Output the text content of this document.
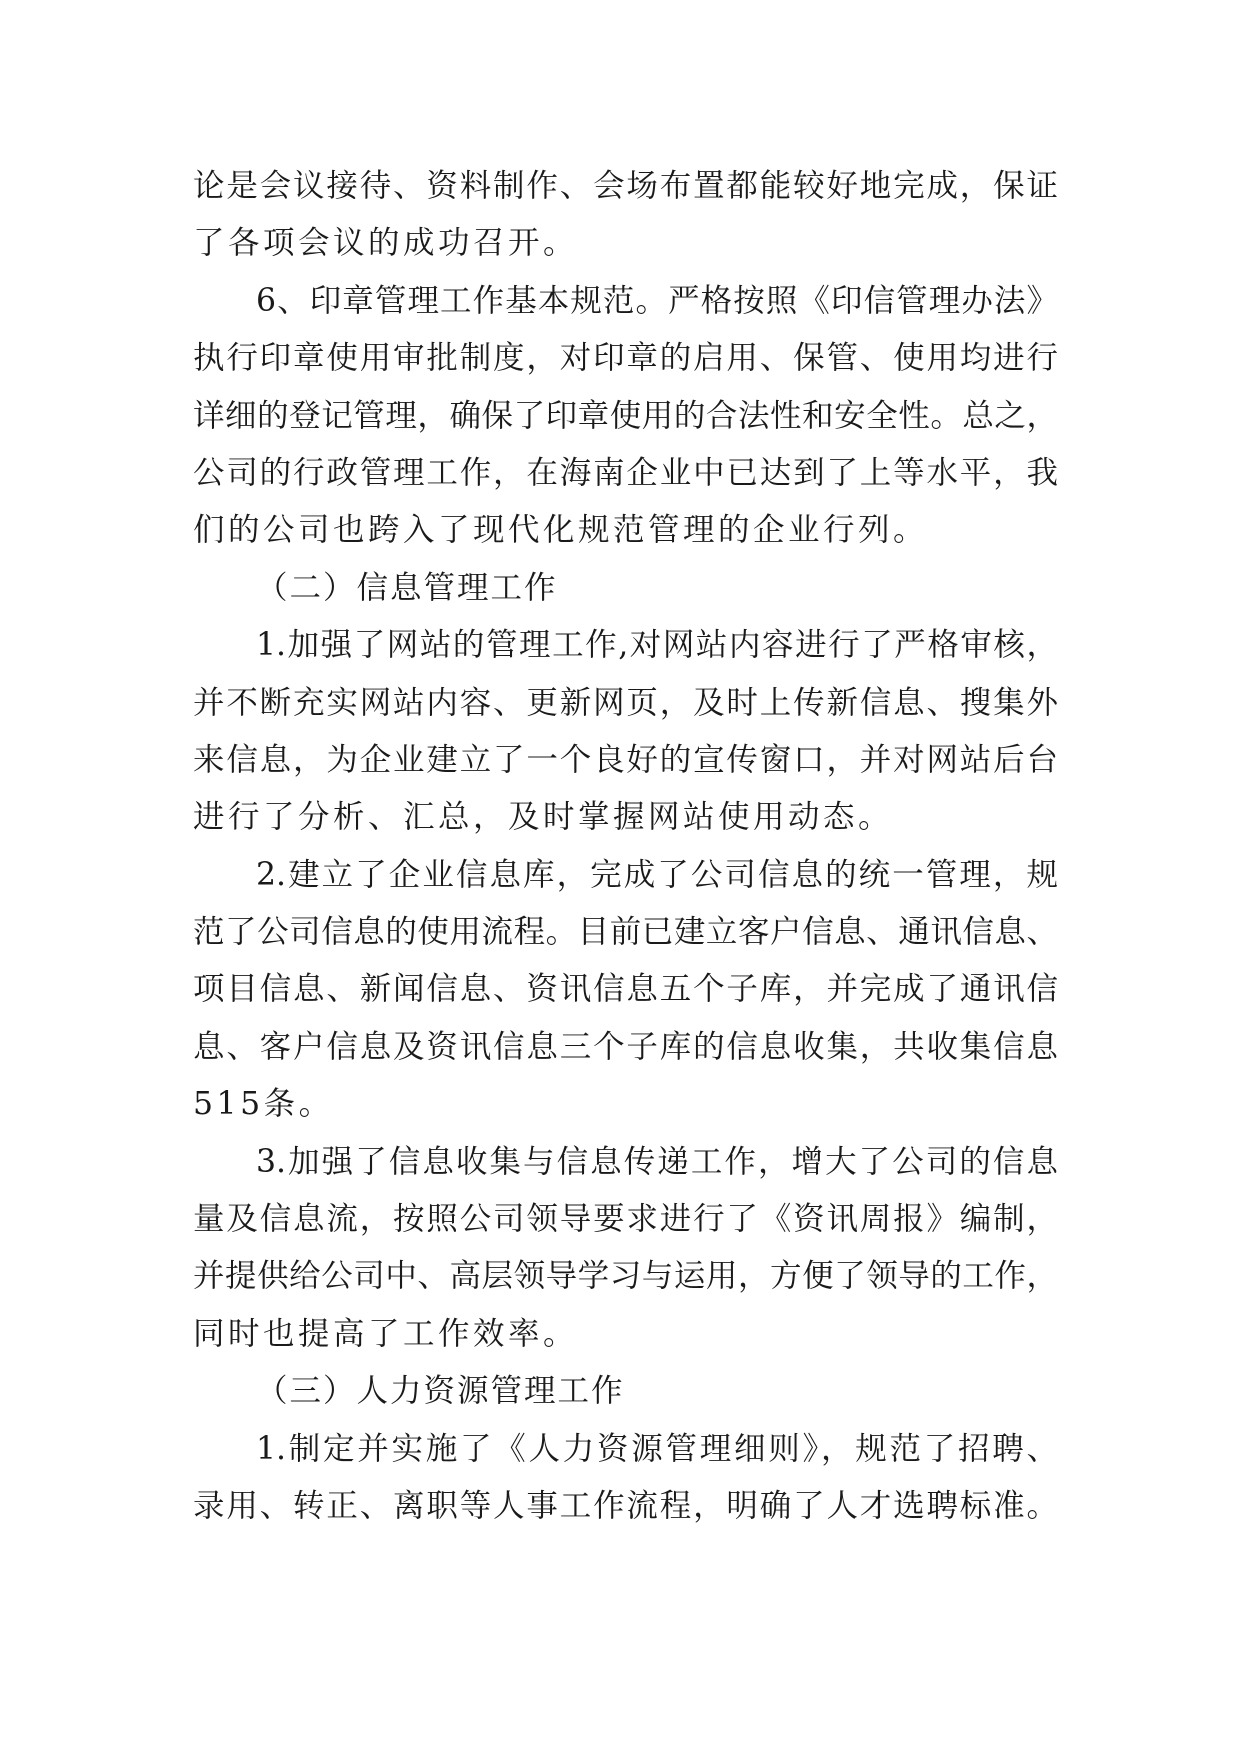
论是会议接待、资料制作、会场布置都能较好地完成，保证
了各项会议的成功召开。
6、印章管理工作基本规范。严格按照《印信管理办法》
执行印章使用审批制度，对印章的启用、保管、使用均进行
详细的登记管理，确保了印章使用的合法性和安全性。总之，
公司的行政管理工作，在海南企业中已达到了上等水平，我
们的公司也跨入了现代化规范管理的企业行列。
（二）信息管理工作
1.加强了网站的管理工作,对网站内容进行了严格审核，
并不断充实网站内容、更新网页，及时上传新信息、搜集外
来信息，为企业建立了一个良好的宣传窗口，并对网站后台
进行了分析、汇总，及时掌握网站使用动态。
2.建立了企业信息库，完成了公司信息的统一管理，规
范了公司信息的使用流程。目前已建立客户信息、通讯信息、
项目信息、新闻信息、资讯信息五个子库，并完成了通讯信
息、客户信息及资讯信息三个子库的信息收集，共收集信息
515条。
3.加强了信息收集与信息传递工作，增大了公司的信息
量及信息流，按照公司领导要求进行了《资讯周报》编制，
并提供给公司中、高层领导学习与运用，方便了领导的工作，
同时也提高了工作效率。
（三）人力资源管理工作
1.制定并实施了《人力资源管理细则》，规范了招聘、
录用、转正、离职等人事工作流程，明确了人才选聘标准。
